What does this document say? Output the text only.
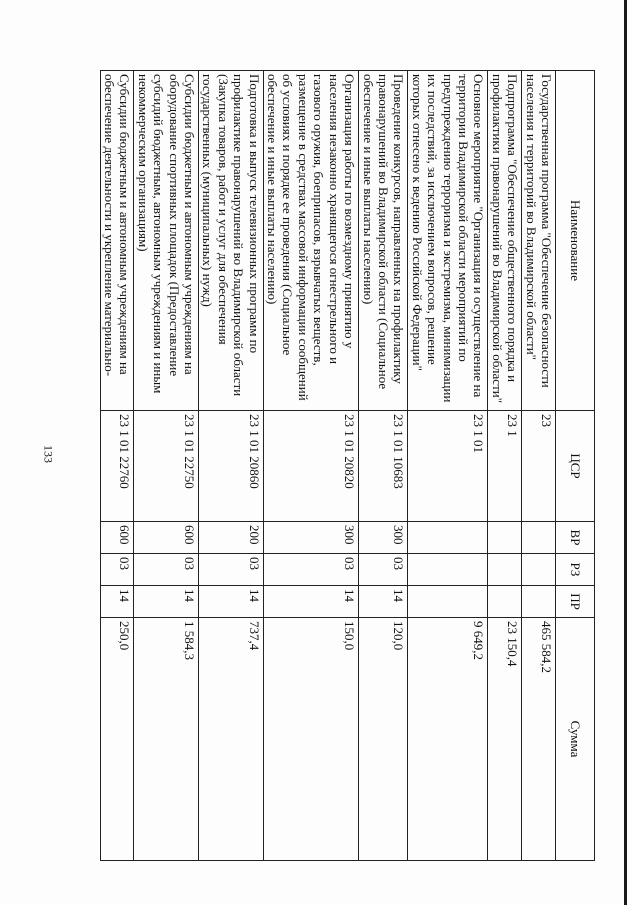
133
Наименование	ЦСР	ВР	РЗ	ПР	Сумма
Государственная программа "Обеспечение безопасности населения и территорий во Владимирской области"	23				465 584,2
Подпрограмма "Обеспечение общественного порядка и профилактики правонарушений во Владимирской области"	23 1				23 150,4
Основное мероприятие "Организация и осуществление на территории Владимирской области мероприятий по предупреждению терроризма и экстремизма, минимизации их последствий, за исключением вопросов, решение которых отнесено к ведению Российской Федерации"	23 1 01				9 649,2
Проведение конкурсов, направленных на профилактику правонарушений во Владимирской области (Социальное обеспечение и иные выплаты населению)	23 1 01 10683	300	03	14	120,0
Организация работы по возмездному принятию у населения незаконно хранящегося огнестрельного и газового оружия, боеприпасов, взрывчатых веществ, размещение в средствах массовой информации сообщений об условиях и порядке ее проведения (Социальное обеспечение и иные выплаты населению)	23 1 01 20820	300	03	14	150,0
Подготовка и выпуск телевизионных программ по профилактике правонарушений во Владимирской области (Закупка товаров, работ и услуг для обеспечения государственных (муниципальных) нужд)	23 1 01 20860	200	03	14	737,4
Субсидии бюджетным и автономным учреждениям на оборудование спортивных площадок (Предоставление субсидий бюджетным, автономным учреждениям и иным некоммерческим организациям)	23 1 01 22750	600	03	14	1 584,3
Субсидии бюджетным и автономным учреждениям на обеспечение деятельности и укрепление материально-	23 1 01 22760	600	03	14	250,0
